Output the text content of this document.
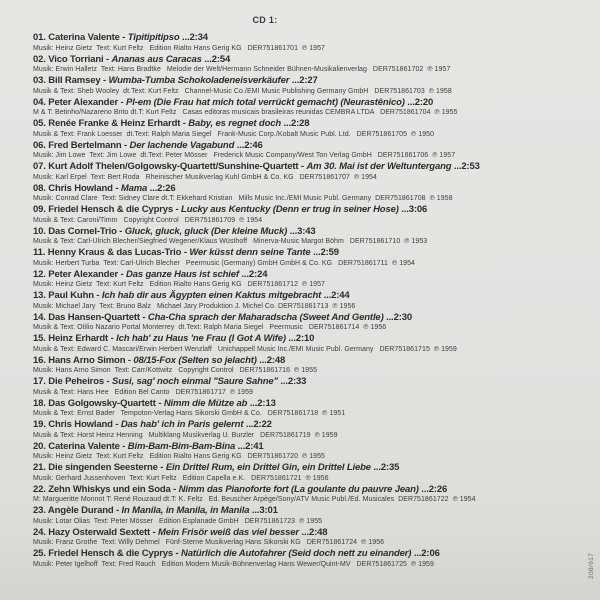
CD 1:
01. Caterina Valente - Tipitipitipso ...2:34
Musik: Heinz Gietz  Text: Kurt Feltz   Edition Rialto Hans Gerig KG   DER751861701  ℗ 1957
02. Vico Torriani - Ananas aus Caracas ...2:54
Musik: Erwin Halletz  Text: Hans Bradtke   Melodie der Welt/Hermann Schneider Bühnen-Musikalienverlag   DER751861702  ℗ 1957
03. Bill Ramsey - Wumba-Tumba Schokoladeneisverkäufer ...2:27
Musik & Text: Sheb Wooley  dt.Text: Kurt Feltz   Channel-Music Co./EMI Music Publishing Germany GmbH   DER751861703  ℗ 1958
04. Peter Alexander - Pl-em (Die Frau hat mich total verrückt gemacht) (Neurastênico) ...2:20
M & T: Betinho/Nazareno Brito dt.T: Kurt Feltz   Casas editoras musicais brasileiras reunidas CEMBRA LTDA   DER751861704  ℗ 1955
05. Renée Franke & Heinz Erhardt - Baby, es regnet doch ...2:28
Musik & Text: Frank Loesser  dt.Text: Ralph Maria Siegel   Frank-Music Corp./Kobalt Music Publ. Ltd.   DER751861705  ℗ 1950
06. Fred Bertelmann - Der lachende Vagabund ...2:46
Musik: Jim Lowe  Text: Jim Lowe  dt.Text: Peter Mösser   Frederick Music Company/West Ton Verlag GmbH   DER751861706  ℗ 1957
07. Kurt Adolf Thelen/Golgowsky-Quartett/Sunshine-Quartett - Am 30. Mai ist der Weltuntergang ...2:53
Musik: Karl Erpel  Text: Bert Roda   Rheinischer Musikverlag Kuhl GmbH & Co. KG   DER751861707  ℗ 1954
08. Chris Howland - Mama ...2:26
Musik: Conrad Clare  Text: Sidney Clare dt.T: Ekkehard Kristian   Mills Music Inc./EMI Music Publ. Germany  DER751861708  ℗ 1958
09. Friedel Hensch & die Cyprys - Lucky aus Kentucky (Denn er trug in seiner Hose) ...3:06
Musik & Text: Caroni/Timm   Copyright Control   DER751861709  ℗ 1954
10. Das Cornel-Trio - Gluck, gluck, gluck (Der kleine Muck) ...3:43
Musik & Text: Carl-Ulrich Blecher/Siegfried Wegener/Klaus Wüsthoff   Minerva-Music Margot Böhm   DER751861710  ℗ 1953
11. Henny Kraus & das Lucas-Trio - Wer küsst denn seine Tante ...2:59
Musik: Herbert Turba  Text: Carl-Ulrich Blecher   Peermusic (Germany) GmbH GmbH & Co. KG   DER751861711  ℗ 1954
12. Peter Alexander - Das ganze Haus ist schief ...2:24
Musik: Heinz Gietz  Text: Kurt Feltz   Edition Rialto Hans Gerig KG   DER751861712  ℗ 1957
13. Paul Kuhn - Ich hab dir aus Ägypten einen Kaktus mitgebracht ...2:44
Musik: Michael Jary  Text: Bruno Balz   Michael Jary Produktion J. Michel Co. DER751861713  ℗ 1956
14. Das Hansen-Quartett - Cha-Cha sprach der Maharadscha (Sweet And Gentle) ...2:30
Musik & Text: Otilio Nazario Portal Monterrey  dt.Text: Ralph Maria Siegel   Peermusic   DER751861714  ℗ 1956
15. Heinz Erhardt - Ich hab' zu Haus 'ne Frau (I Got A Wife) ...2:10
Musik & Text: Edward C. Mascari/Erwin Herbert Wenzlaff   Unichappell Music Inc./EMI Music Publ. Germany   DER751861715  ℗ 1959
16. Hans Arno Simon - 08/15-Fox (Selten so jelacht) ...2:48
Musik: Hans Arno Simon  Text: Carr/Kottwitz   Copyright Control   DER751861716  ℗ 1955
17. Die Peheiros - Susi, sag' noch einmal "Saure Sahne" ...2:33
Musik & Text: Hans Hee   Edition Bel Canto   DER751861717  ℗ 1959
18. Das Golgowsky-Quartett - Nimm die Mütze ab ...2:13
Musik & Text: Ernst Bader   Tempoton-Verlag Hans Sikorski GmbH & Co.   DER751861718  ℗ 1951
19. Chris Howland - Das hab' ich in Paris gelernt ...2:22
Musik & Text: Horst Heinz Henning   Multiklang Musikverlag U. Burzler   DER751861719  ℗ 1959
20. Caterina Valente - Bim-Bam-Bim-Bam-Bina ...2:41
Musik: Heinz Gietz  Text: Kurt Feltz   Edition Rialto Hans Gerig KG   DER751861720  ℗ 1955
21. Die singenden Seesterne - Ein Drittel Rum, ein Drittel Gin, ein Drittel Liebe ...2:35
Musik: Gerhard Jussenhoven  Text: Kurt Feltz   Edition Capella e.K.   DER751861721  ℗ 1956
22. Zehn Whiskys und ein Soda - Nimm das Pianoforte fort (La goulante du pauvre Jean) ...2:26
M: Margueritte Monnot T: René Rouzaud dt.T: K. Feltz   Ed. Beuscher Arpège/Sony/ATV Music Publ./Ed. Musicales  DER751861722  ℗ 1954
23. Angèle Durand - In Manila, in Manila, in Manila ...3:01
Musik: Lotar Olias  Text: Peter Mösser   Edition Esplanade GmbH   DER751861723  ℗ 1955
24. Hazy Osterwald Sextett - Mein Frisör weiß das viel besser ...2:48
Musik: Franz Grothe  Text: Willy Dehmel   Fünf-Sterne Musikverlag Hans Sikorski KG   DER751861724  ℗ 1956
25. Friedel Hensch & die Cyprys - Natürlich die Autofahrer (Seid doch nett zu einander) ...2:06
Musik: Peter Igelhoff  Text: Fred Rauch   Edition Modern Musik-Bühnenverlag Hans Wewer/Quint-MV   DER751861725  ℗ 1959	208/617
